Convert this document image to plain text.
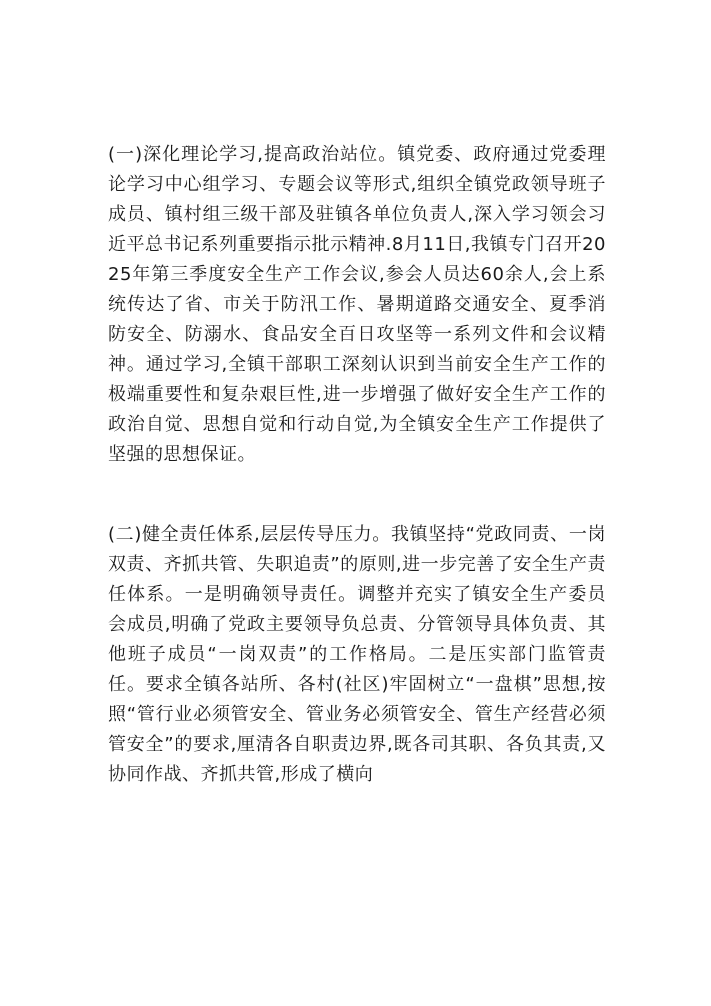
(一)深化理论学习,提高政治站位。镇党委、政府通过党委理论学习中心组学习、专题会议等形式,组织全镇党政领导班子成员、镇村组三级干部及驻镇各单位负责人,深入学习领会习近平总书记系列重要指示批示精神.8月11日,我镇专门召开2025年第三季度安全生产工作会议,参会人员达60余人,会上系统传达了省、市关于防汛工作、暑期道路交通安全、夏季消防安全、防溺水、食品安全百日攻坚等一系列文件和会议精神。通过学习,全镇干部职工深刻认识到当前安全生产工作的极端重要性和复杂艰巨性,进一步增强了做好安全生产工作的政治自觉、思想自觉和行动自觉,为全镇安全生产工作提供了坚强的思想保证。

(二)健全责任体系,层层传导压力。我镇坚持“党政同责、一岗双责、齐抓共管、失职追责”的原则,进一步完善了安全生产责任体系。一是明确领导责任。调整并充实了镇安全生产委员会成员,明确了党政主要领导负总责、分管领导具体负责、其他班子成员“一岗双责”的工作格局。二是压实部门监管责任。要求全镇各站所、各村(社区)牢固树立“一盘棋”思想,按照“管行业必须管安全、管业务必须管安全、管生产经营必须管安全”的要求,厘清各自职责边界,既各司其职、各负其责,又协同作战、齐抓共管,形成了横向
